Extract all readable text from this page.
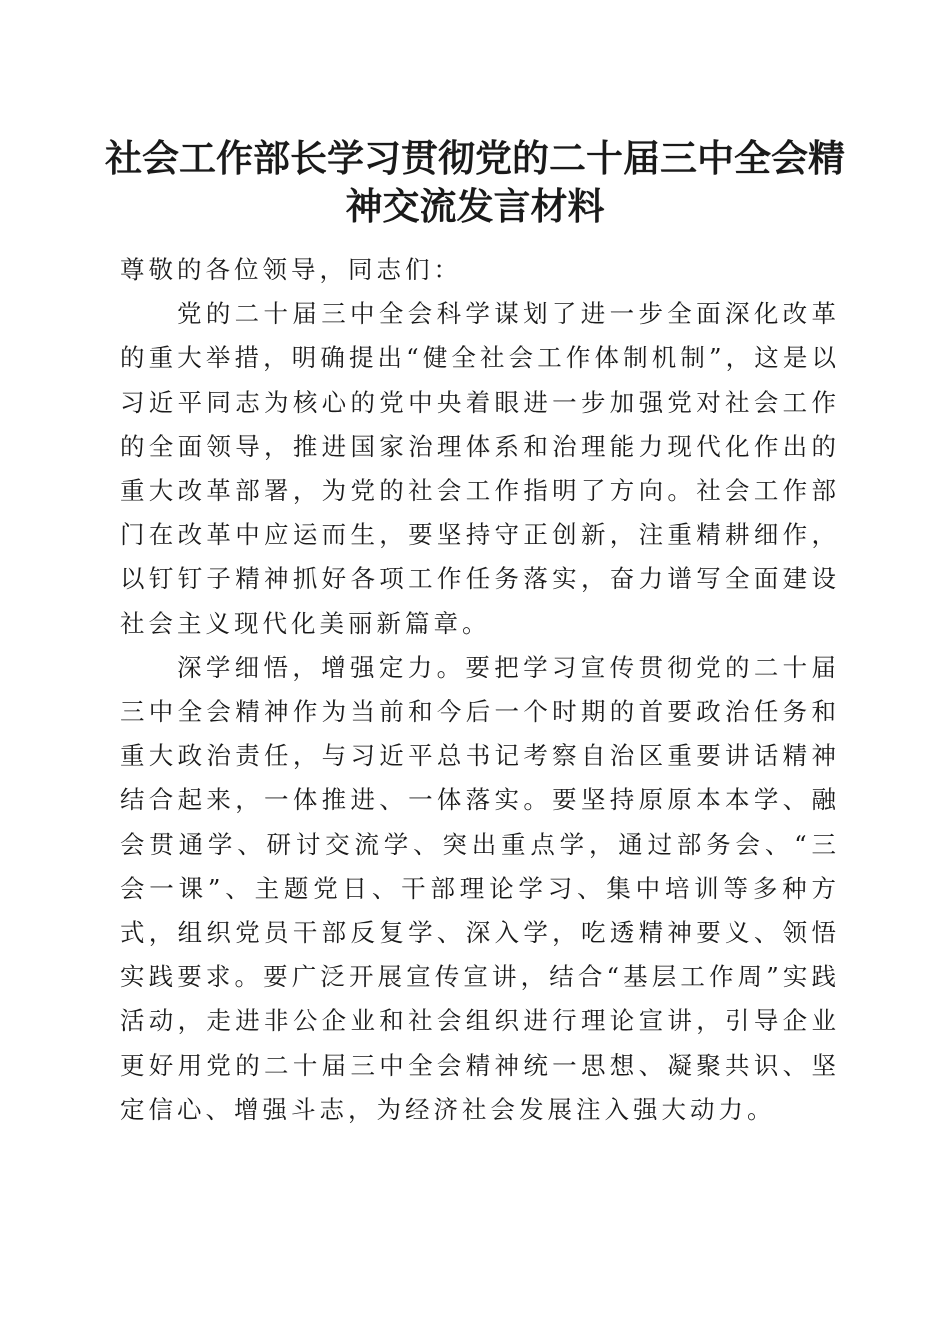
社会工作部长学习贯彻党的二十届三中全会精
神交流发言材料

尊敬的各位领导，同志们：

党的二十届三中全会科学谋划了进一步全面深化改革的重大举措，明确提出“健全社会工作体制机制”，这是以习近平同志为核心的党中央着眼进一步加强党对社会工作的全面领导，推进国家治理体系和治理能力现代化作出的重大改革部署，为党的社会工作指明了方向。社会工作部门在改革中应运而生，要坚持守正创新，注重精耕细作，以钉钉子精神抓好各项工作任务落实，奋力谱写全面建设社会主义现代化美丽新篇章。

深学细悟，增强定力。要把学习宣传贯彻党的二十届三中全会精神作为当前和今后一个时期的首要政治任务和重大政治责任，与习近平总书记考察自治区重要讲话精神结合起来，一体推进、一体落实。要坚持原原本本学、融会贯通学、研讨交流学、突出重点学，通过部务会、“三会一课”、主题党日、干部理论学习、集中培训等多种方式，组织党员干部反复学、深入学，吃透精神要义、领悟实践要求。要广泛开展宣传宣讲，结合“基层工作周”实践活动，走进非公企业和社会组织进行理论宣讲，引导企业更好用党的二十届三中全会精神统一思想、凝聚共识、坚定信心、增强斗志，为经济社会发展注入强大动力。
